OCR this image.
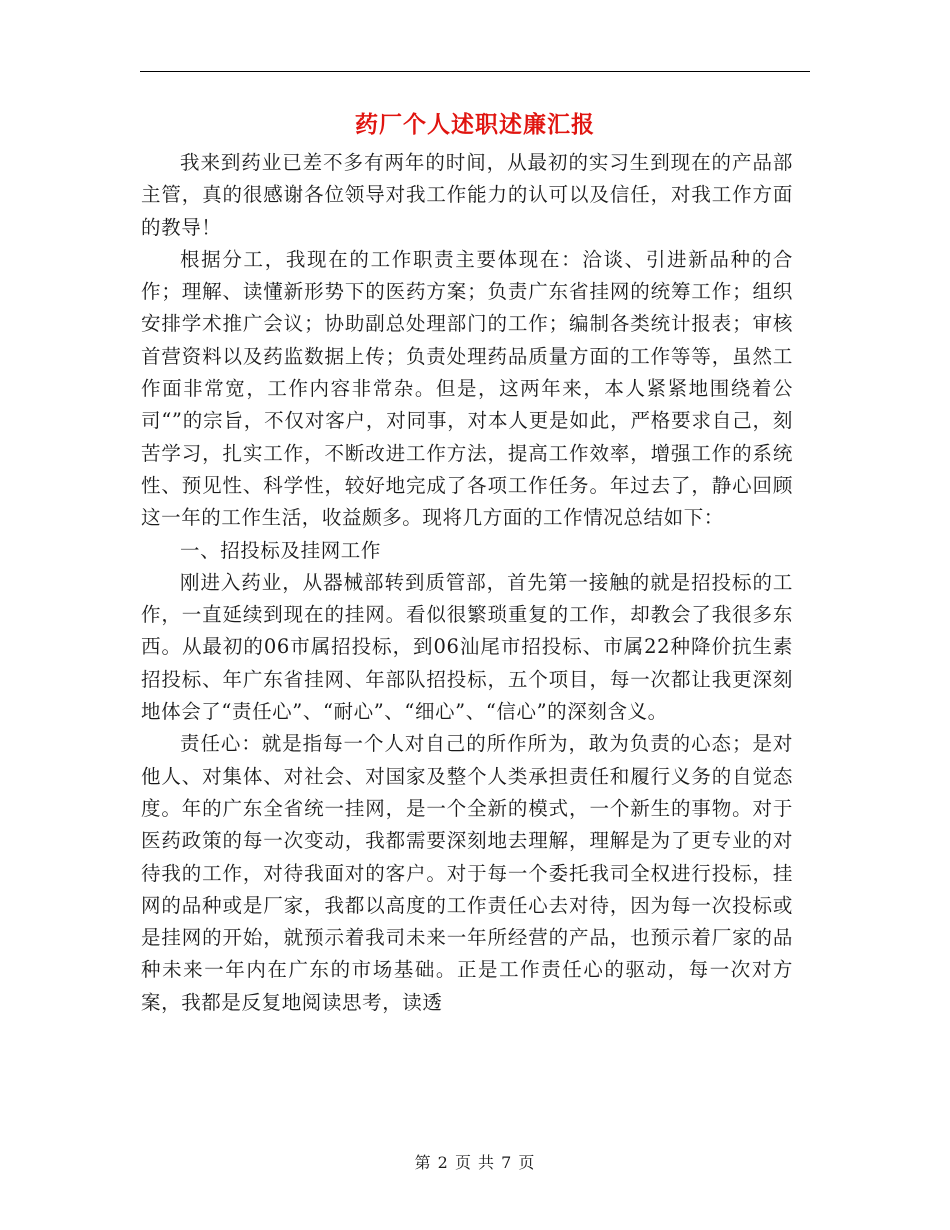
药厂个人述职述廉汇报

我来到药业已差不多有两年的时间，从最初的实习生到现在的产品部主管，真的很感谢各位领导对我工作能力的认可以及信任，对我工作方面的教导！

根据分工，我现在的工作职责主要体现在：洽谈、引进新品种的合作；理解、读懂新形势下的医药方案；负责广东省挂网的统筹工作；组织安排学术推广会议；协助副总处理部门的工作；编制各类统计报表；审核首营资料以及药监数据上传；负责处理药品质量方面的工作等等，虽然工作面非常宽，工作内容非常杂。但是，这两年来，本人紧紧地围绕着公司“”的宗旨，不仅对客户，对同事，对本人更是如此，严格要求自己，刻苦学习，扎实工作，不断改进工作方法，提高工作效率，增强工作的系统性、预见性、科学性，较好地完成了各项工作任务。年过去了，静心回顾这一年的工作生活，收益颇多。现将几方面的工作情况总结如下：

一、招投标及挂网工作

刚进入药业，从器械部转到质管部，首先第一接触的就是招投标的工作，一直延续到现在的挂网。看似很繁琐重复的工作，却教会了我很多东西。从最初的06市属招投标，到06汕尾市招投标、市属22种降价抗生素招投标、年广东省挂网、年部队招投标，五个项目，每一次都让我更深刻地体会了“责任心”、“耐心”、“细心”、“信心”的深刻含义。

责任心：就是指每一个人对自己的所作所为，敢为负责的心态；是对他人、对集体、对社会、对国家及整个人类承担责任和履行义务的自觉态度。年的广东全省统一挂网，是一个全新的模式，一个新生的事物。对于医药政策的每一次变动，我都需要深刻地去理解，理解是为了更专业的对待我的工作，对待我面对的客户。对于每一个委托我司全权进行投标，挂网的品种或是厂家，我都以高度的工作责任心去对待，因为每一次投标或是挂网的开始，就预示着我司未来一年所经营的产品，也预示着厂家的品种未来一年内在广东的市场基础。正是工作责任心的驱动，每一次对方案，我都是反复地阅读思考，读透

第 2 页 共 7 页
